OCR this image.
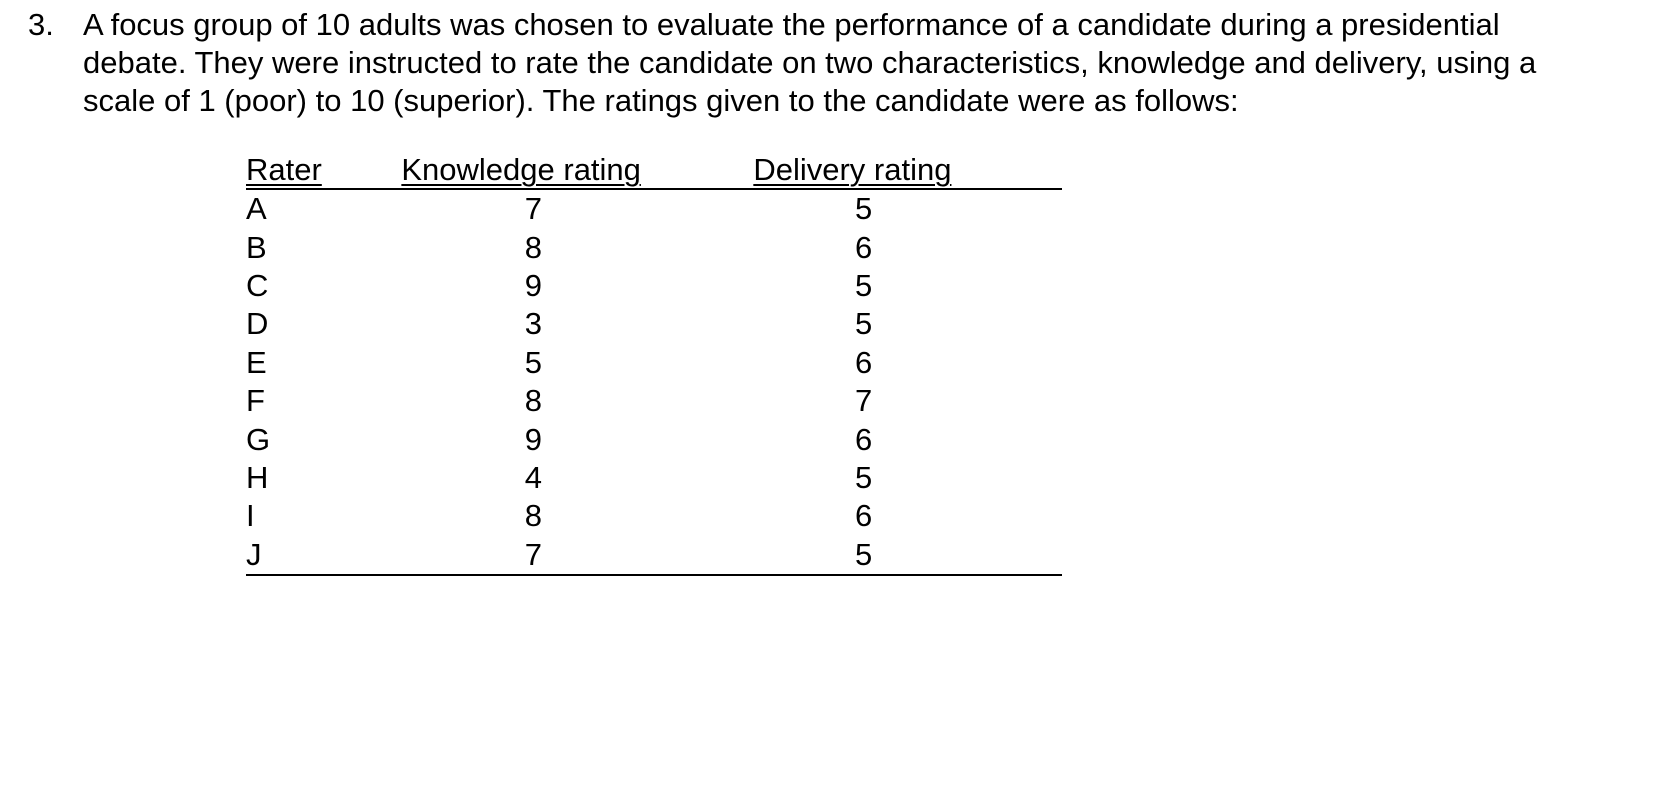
3. A focus group of 10 adults was chosen to evaluate the performance of a candidate during a presidential
debate. They were instructed to rate the candidate on two characteristics, knowledge and delivery, using a
scale of 1 (poor) to 10 (superior). The ratings given to the candidate were as follows:
Rater	Knowledge rating	Delivery rating
A	7	5
B	8	6
C	9	5
D	3	5
E	5	6
F	8	7
G	9	6
H	4	5
I	8	6
J	7	5
